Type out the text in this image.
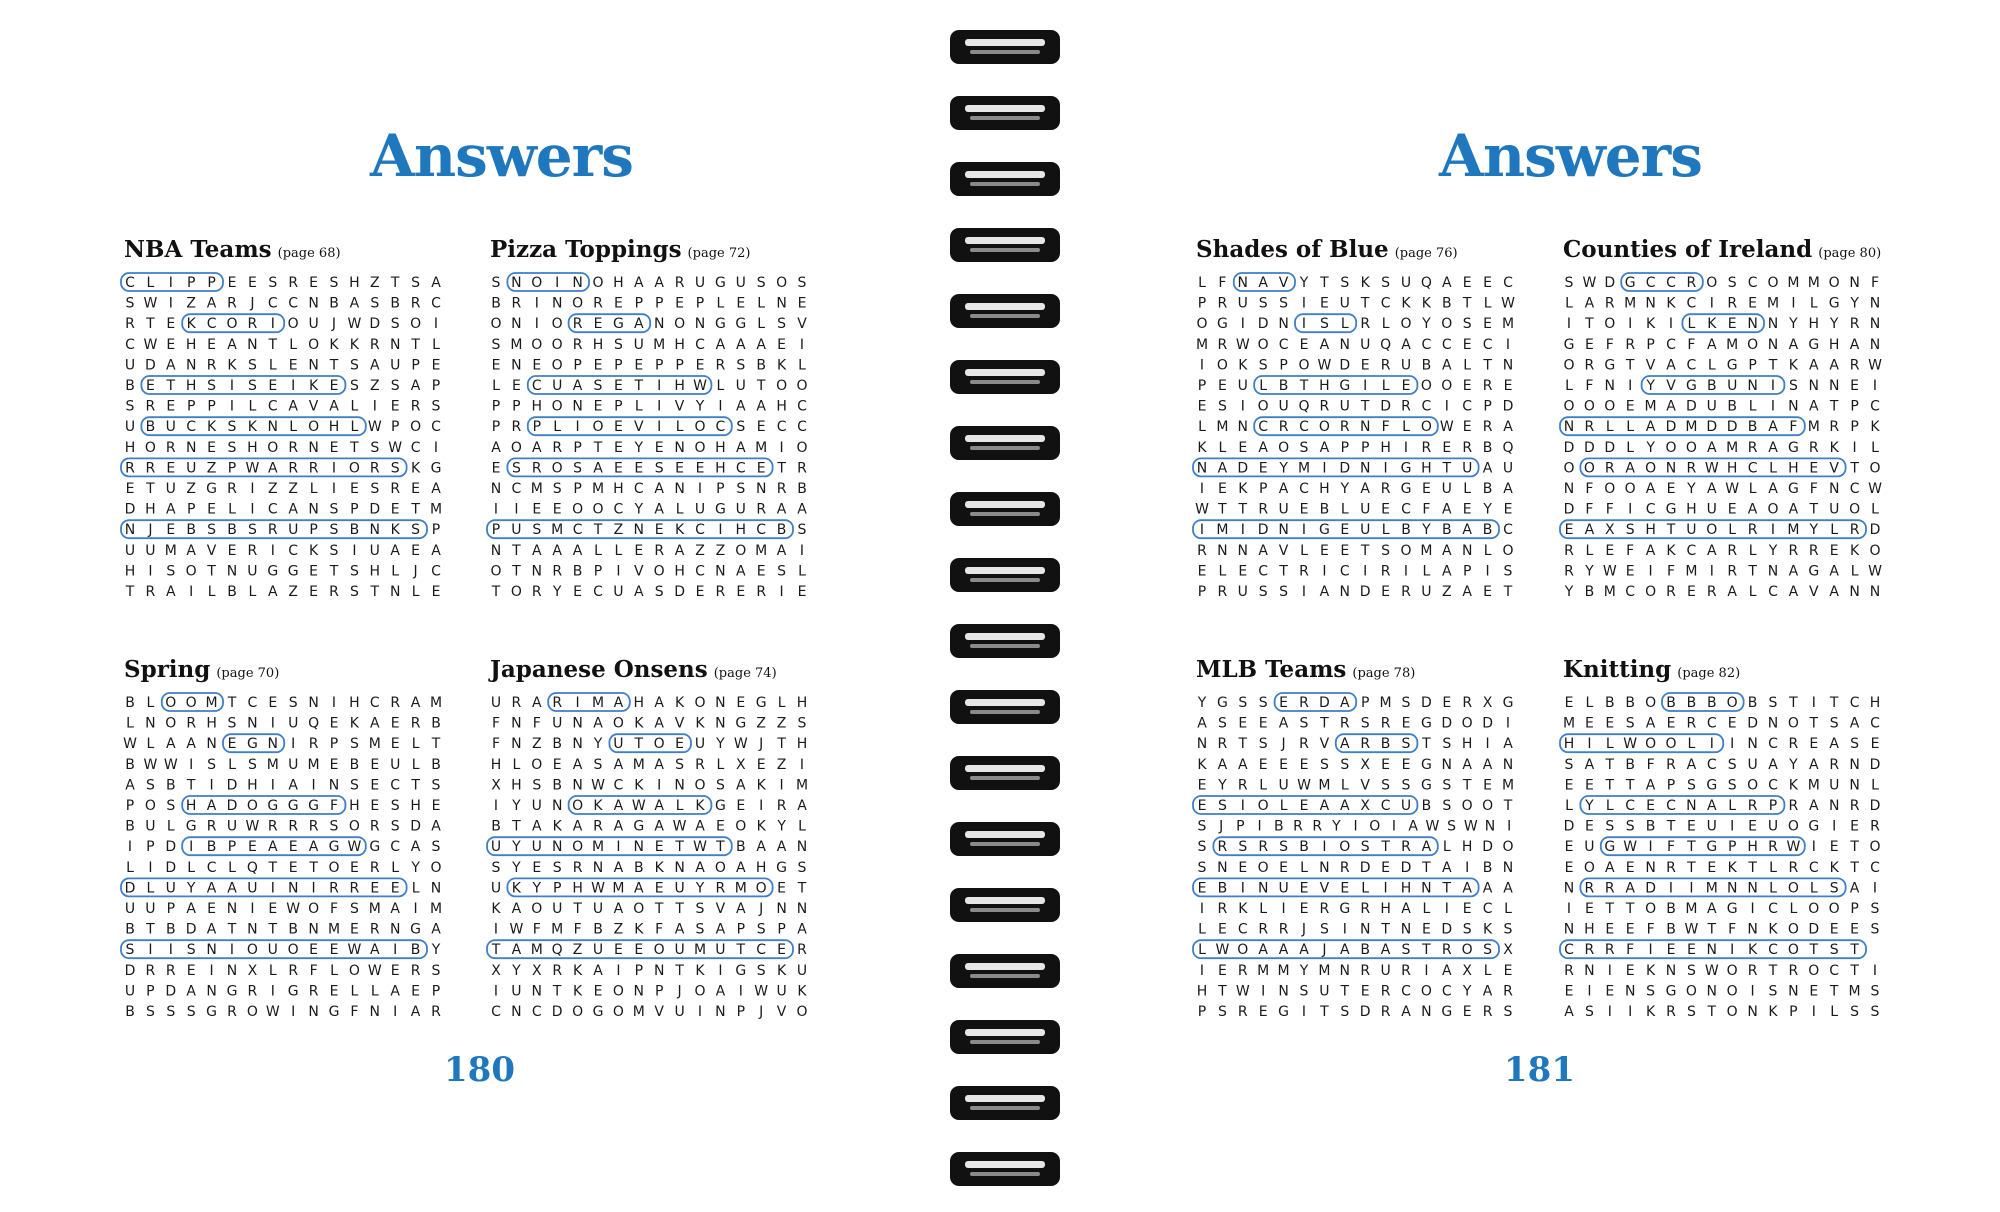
Answers
NBA Teams (page 68)
C L I P P E E S R E S H Z T S A
S W I Z A R J C C N B A S B R C
R T E K C O R I O U J W D S O I
C W E H E A N T L O K K R N T L
U D A N R K S L E N T S A U P E
B E T H S I S E I K E S Z S A P
S R E P P I L C A V A L I E R S
U B U C K S K N L O H L W P O C
H O R N E S H O R N E T S W C I
R R E U Z P W A R R I O R S K G
E T U Z G R I Z Z L I E S R E A
D H A P E L I C A N S P D E T M
N J E B S B S R U P S B N K S P
U U M A V E R I C K S I U A E A
H I S O T N U G G E T S H L J C
T R A I L B L A Z E R S T N L E
Pizza Toppings (page 72)
S N O I N O H A A R U G U S O S
B R I N O R E P P E P L E L N E
O N I O R E G A N O N G G L S V
S M O O R H S U M H C A A A E I
E N E O P E P E P P E R S B K L
L E C U A S E T I H W L U T O O
P P H O N E P L I V Y I A A H C
P R P L I O E V I L O C S E C C
A O A R P T E Y E N O H A M I O
E S R O S A E E S E E H C E T R
N C M S P M H C A N I P S N R B
I I E E O O C Y A L U G U R A A
P U S M C T Z N E K C I H C B S
N T A A A L L E R A Z Z O M A I
O T N R B P I V O H C N A E S L
T O R Y E C U A S D E R E R I E
Spring (page 70)
B L O O M T C E S N I H C R A M
L N O R H S N I U Q E K A E R B
W L A A N E G N I R P S M E L T
B W W I S L S M U M E B E U L B
A S B T I D H I A I N S E C T S
P O S H A D O G G G F H E S H E
B U L G R U W R R R S O R S D A
I P D I B P E A E A G W G C A S
L I D L C L Q T E T O E R L Y O
D L U Y A A U I N I R R E E L N
U U P A E N I E W O F S M A I M
B T B D A T N T B N M E R N G A
S I I S N I O U O E E W A I B Y
D R R E I N X L R F L O W E R S
U P D A N G R I G R E L L A E P
B S S S G R O W I N G F N I A R
Japanese Onsens (page 74)
U R A R I M A H A K O N E G L H
F N F U N A O K A V K N G Z Z S
F N Z B N Y U T O E U Y W J T H
H L O E A S A M A S R L X E Z I
X H S B N W C K I N O S A K I M
I Y U N O K A W A L K G E I R A
B T A K A R A G A W A E O K Y L
U Y U N O M I N E T W T B A A N
S Y E S R N A B K N A O A H G S
U K Y P H W M A E U Y R M O E T
K A O U T U A O T T S V A J N N
I W F M F B Z K F A S A P S P A
T A M Q Z U E E O U M U T C E R
X Y X R K A I P N T K I G S K U
I U N T K E O N P J O A I W U K
C N C D O G O M V U I N P J V O
180
Answers
Shades of Blue (page 76)
L F N A V Y T S K S U Q A E E C
P R U S S I E U T C K K B T L W
O G I D N I S L R L O Y O S E M
M R W O C E A N U Q A C C E C I
I O K S P O W D E R U B A L T N
P E U L B T H G I L E O O E R E
E S I O U Q R U T D R C I C P D
L M N C R C O R N F L O W E R A
K L E A O S A P P H I R E R B Q
N A D E Y M I D N I G H T U A U
I E K P A C H Y A R G E U L B A
W T T R U E B L U E C F A E Y E
I M I D N I G E U L B Y B A B C
R N N A V L E E T S O M A N L O
E L E C T R I C I R I L A P I S
P R U S S I A N D E R U Z A E T
Counties of Ireland (page 80)
S W D G C C R O S C O M M O N F
L A R M N K C I R E M I L G Y N
I T O I K I L K E N N Y H Y R N
G E F R P C F A M O N A G H A N
O R G T V A C L G P T K A A R W
L F N I Y V G B U N I S N N E I
O O O E M A D U B L I N A T P C
N R L L A D M D D B A F M R P K
D D D L Y O O A M R A G R K I L
O O R A O N R W H C L H E V T O
N F O O A E Y A W L A G F N C W
D F F I C G H U E A O A T U O L
E A X S H T U O L R I M Y L R D
R L E F A K C A R L Y R R E K O
R Y W E I F M I R T N A G A L W
Y B M C O R E R A L C A V A N N
MLB Teams (page 78)
Y G S S E R D A P M S D E R X G
A S E E A S T R S R E G D O D I
N R T S J R V A R B S T S H I A
K A A E E E S S X E E G N A A N
E Y R L U W M L V S S G S T E M
E S I O L E A A X C U B S O O T
S J P I B R R Y I O I A W S W N I
S R S R S B I O S T R A L H D O
S N E O E L N R D E D T A I B N
E B I N U E V E L I H N T A A A
I R K L I E R G R H A L I E C L
L E C R R J S I N T N E D S K S
L W O A A A J A B A S T R O S X
I E R M M Y M N R U R I A X L E
H T W I N S U T E R C O C Y A R
P S R E G I T S D R A N G E R S
Knitting (page 82)
E L B B O B B B O B S T I T C H
M E E S A E R C E D N O T S A C
H I L W O O L I I N C R E A S E
S A T B F R A C S U A Y A R N D
E E T T A P S G S O C K M U N L
L Y L C E C N A L R P R A N R D
D E S S B T E U I E U O G I E R
E U G W I F T G P H R W I E T O
E O A E N R T E K T L R C K T C
N R R A D I I M N N L O L S A I
I E T T O B M A G I C L O O P S
N H E E F B W T F N K O D E E S
C R R F I E E N I K C O T S T
R N I E K N S W O R T R O C T I
E I E N S G O N O I S N E T M S
A S I I K R S T O N K P I L S S
181
